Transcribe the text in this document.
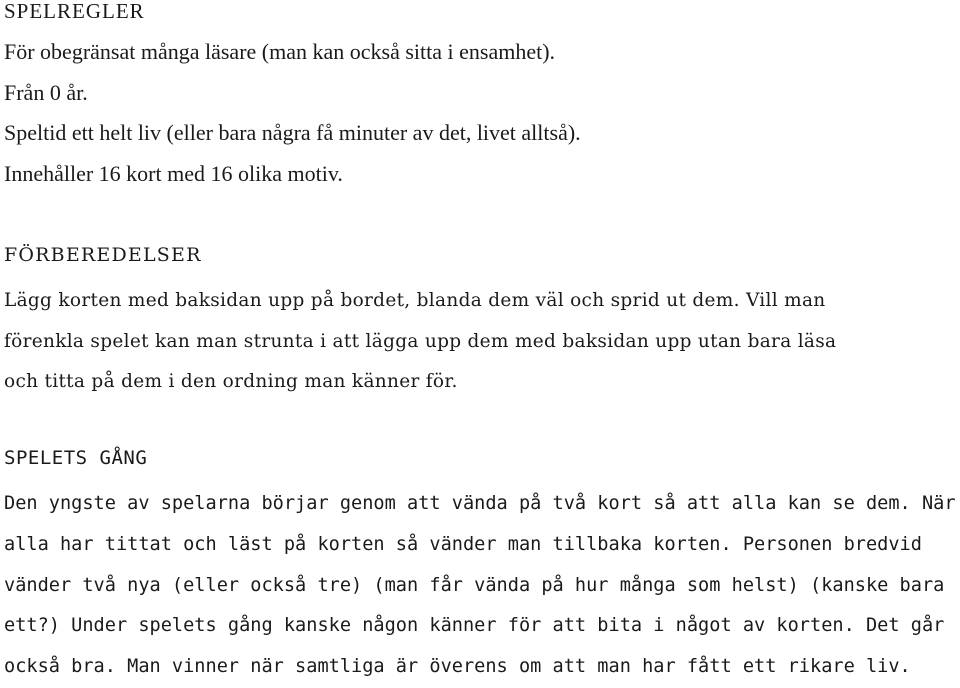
SPELREGLER
För obegränsat många läsare (man kan också sitta i ensamhet).
Från 0 år.
Speltid ett helt liv (eller bara några få minuter av det, livet alltså).
Innehåller 16 kort med 16 olika motiv.
FÖRBEREDELSER
Lägg korten med baksidan upp på bordet, blanda dem väl och sprid ut dem. Vill man
förenkla spelet kan man strunta i att lägga upp dem med baksidan upp utan bara läsa
och titta på dem i den ordning man känner för.
SPELETS GÅNG
Den yngste av spelarna börjar genom att vända på två kort så att alla kan se dem. När
alla har tittat och läst på korten så vänder man tillbaka korten. Personen bredvid
vänder två nya (eller också tre) (man får vända på hur många som helst) (kanske bara
ett?) Under spelets gång kanske någon känner för att bita i något av korten. Det går
också bra. Man vinner när samtliga är överens om att man har fått ett rikare liv.
